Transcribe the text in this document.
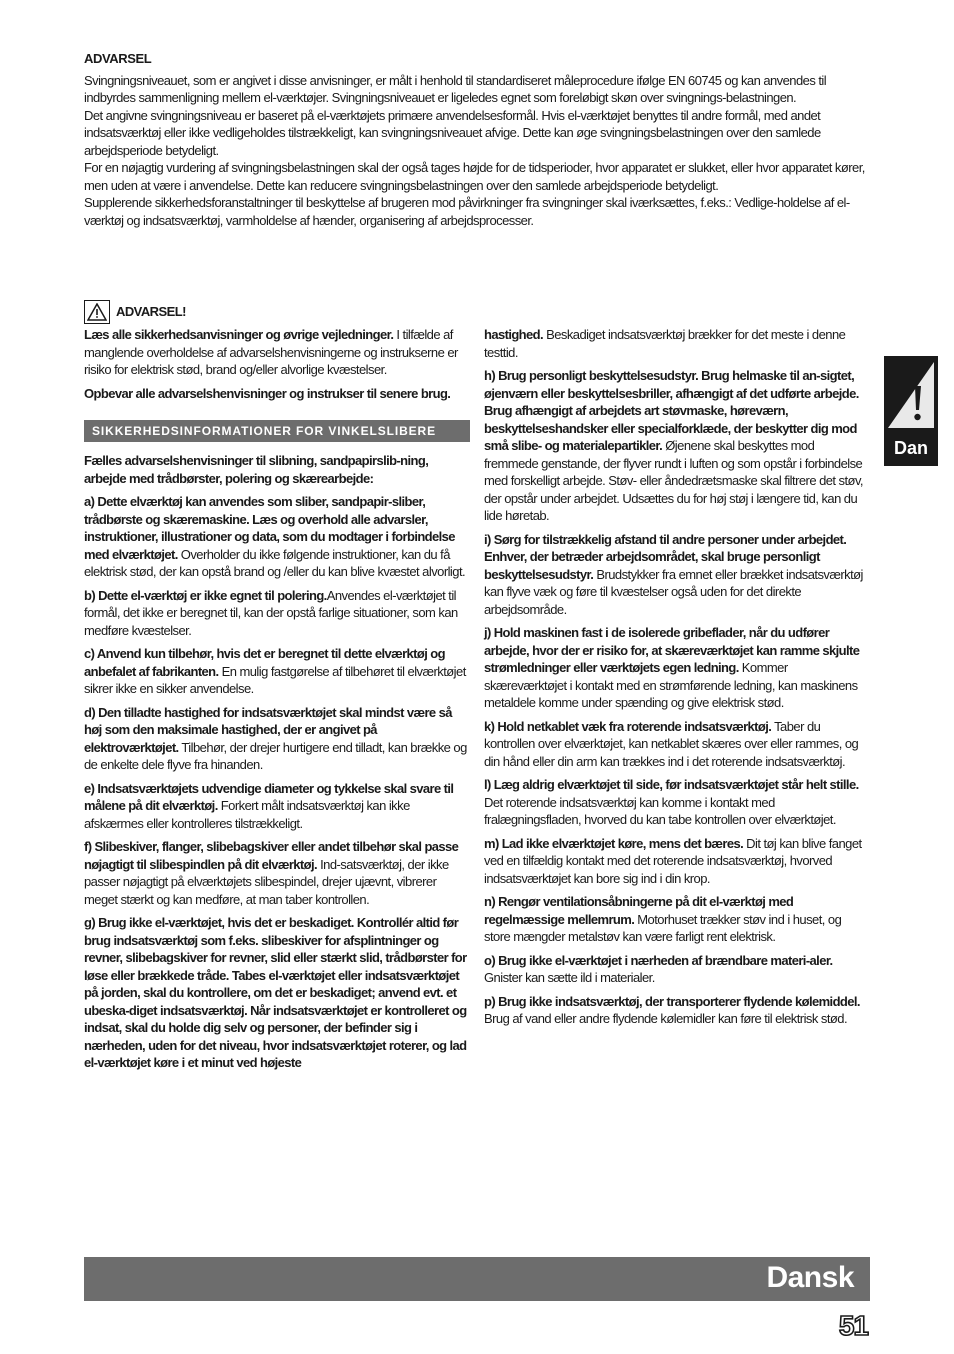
ADVARSEL

Svingningsniveauet, som er angivet i disse anvisninger, er målt i henhold til standardiseret måleprocedure ifølge EN 60745 og kan anvendes til indbyrdes sammenligning mellem el-værktøjer. Svingningsniveauet er ligeledes egnet som foreløbigt skøn over svingnings-belastningen.

Det angivne svingningsniveau er baseret på el-værktøjets primære anvendelsesformål. Hvis el-værktøjet benyttes til andre formål, med andet indsatsværktøj eller ikke vedligeholdes tilstrækkeligt, kan svingningsniveauet afvige. Dette kan øge svingningsbelastningen over den samlede arbejdsperiode betydeligt.

For en nøjagtig vurdering af svingningsbelastningen skal der også tages højde for de tidsperioder, hvor apparatet er slukket, eller hvor apparatet kører, men uden at være i anvendelse. Dette kan reducere svingningsbelastningen over den samlede arbejdsperiode betydeligt.

Supplerende sikkerhedsforanstaltninger til beskyttelse af brugeren mod påvirkninger fra svingninger skal iværksættes, f.eks.: Vedlige-holdelse af el-værktøj og indsatsværktøj, varmholdelse af hænder, organisering af arbejdsprocesser.

ADVARSEL!

Læs alle sikkerhedsanvisninger og øvrige vejledninger. I tilfælde af manglende overholdelse af advarselshenvisningerne og instrukserne er risiko for elektrisk stød, brand og/eller alvorlige kvæstelser.

Opbevar alle advarselshenvisninger og instrukser til senere brug.

SIKKERHEDSINFORMATIONER FOR VINKELSLIBERE

Fælles advarselshenvisninger til slibning, sandpapirslib-ning, arbejde med trådbørster, polering og skærearbejde:

a) Dette elværktøj kan anvendes som sliber, sandpapir-sliber, trådbørste og skæremaskine. Læs og overhold alle advarsler, instruktioner, illustrationer og data, som du modtager i forbindelse med elværktøjet. Overholder du ikke følgende instruktioner, kan du få elektrisk stød, der kan opstå brand og /eller du kan blive kvæstet alvorligt.

b) Dette el-værktøj er ikke egnet til polering.Anvendes el-værktøjet til formål, det ikke er beregnet til, kan der opstå farlige situationer, som kan medføre kvæstelser.

c) Anvend kun tilbehør, hvis det er beregnet til dette elværktøj og anbefalet af fabrikanten. En mulig fastgørelse af tilbehøret til elværktøjet sikrer ikke en sikker anvendelse.

d) Den tilladte hastighed for indsatsværktøjet skal mindst være så høj som den maksimale hastighed, der er angivet på elektroværktøjet. Tilbehør, der drejer hurtigere end tilladt, kan brække og de enkelte dele flyve fra hinanden.

e) Indsatsværktøjets udvendige diameter og tykkelse skal svare til målene på dit elværktøj. Forkert målt indsatsværktøj kan ikke afskærmes eller kontrolleres tilstrækkeligt.

f) Slibeskiver, flanger, slibebagskiver eller andet tilbehør skal passe nøjagtigt til slibespindlen på dit elværktøj. Ind-satsværktøj, der ikke passer nøjagtigt på elværktøjets slibespindel, drejer ujævnt, vibrerer meget stærkt og kan medføre, at man taber kontrollen.

g) Brug ikke el-værktøjet, hvis det er beskadiget. Kontrollér altid før brug indsatsværktøj som f.eks. slibeskiver for afsplintninger og revner, slibebagskiver for revner, slid eller stærkt slid, trådbørster for løse eller brækkede tråde. Tabes el-værktøjet eller indsatsværktøjet på jorden, skal du kontrollere, om det er beskadiget; anvend evt. et ubeska-diget indsatsværktøj. Når indsatsværktøjet er kontrolleret og indsat, skal du holde dig selv og personer, der befinder sig i nærheden, uden for det niveau, hvor indsatsværktøjet roterer, og lad el-værktøjet køre i et minut ved højeste

hastighed. Beskadiget indsatsværktøj brækker for det meste i denne testtid.

h) Brug personligt beskyttelsesudstyr. Brug helmaske til an-sigtet, øjenværn eller beskyttelsesbriller, afhængigt af det udførte arbejde. Brug afhængigt af arbejdets art støvmaske, høreværn, beskyttelseshandsker eller specialforklæde, der beskytter dig mod små slibe- og materialepartikler. Øjenene skal beskyttes mod fremmede genstande, der flyver rundt i luften og som opstår i forbindelse med forskelligt arbejde. Støv- eller åndedrætsmaske skal filtrere det støv, der opstår under arbejdet. Udsættes du for høj støj i længere tid, kan du lide høretab.

i) Sørg for tilstrækkelig afstand til andre personer under arbejdet. Enhver, der betræder arbejdsområdet, skal bruge personligt beskyttelsesudstyr. Brudstykker fra emnet eller brækket indsatsværktøj kan flyve væk og føre til kvæstelser også uden for det direkte arbejdsområde.

j) Hold maskinen fast i de isolerede gribeflader, når du udfører arbejde, hvor der er risiko for, at skæreværktøjet kan ramme skjulte strømledninger eller værktøjets egen ledning. Kommer skæreværktøjet i kontakt med en strømførende ledning, kan maskinens metaldele komme under spænding og give elektrisk stød.

k) Hold netkablet væk fra roterende indsatsværktøj. Taber du kontrollen over elværktøjet, kan netkablet skæres over eller rammes, og din hånd eller din arm kan trækkes ind i det roterende indsatsværktøj.

l) Læg aldrig elværktøjet til side, før indsatsværktøjet står helt stille. Det roterende indsatsværktøj kan komme i kontakt med fralægningsfladen, hvorved du kan tabe kontrollen over elværktøjet.

m) Lad ikke elværktøjet køre, mens det bæres. Dit tøj kan blive fanget ved en tilfældig kontakt med det roterende indsatsværktøj, hvorved indsatsværktøjet kan bore sig ind i din krop.

n) Rengør ventilationsåbningerne på dit el-værktøj med regelmæssige mellemrum. Motorhuset trækker støv ind i huset, og store mængder metalstøv kan være farligt rent elektrisk.

o) Brug ikke el-værktøjet i nærheden af brændbare materi-aler. Gnister kan sætte ild i materialer.

p) Brug ikke indsatsværktøj, der transporterer flydende kølemiddel. Brug af vand eller andre flydende kølemidler kan føre til elektrisk stød.

Dan
Dansk
51
